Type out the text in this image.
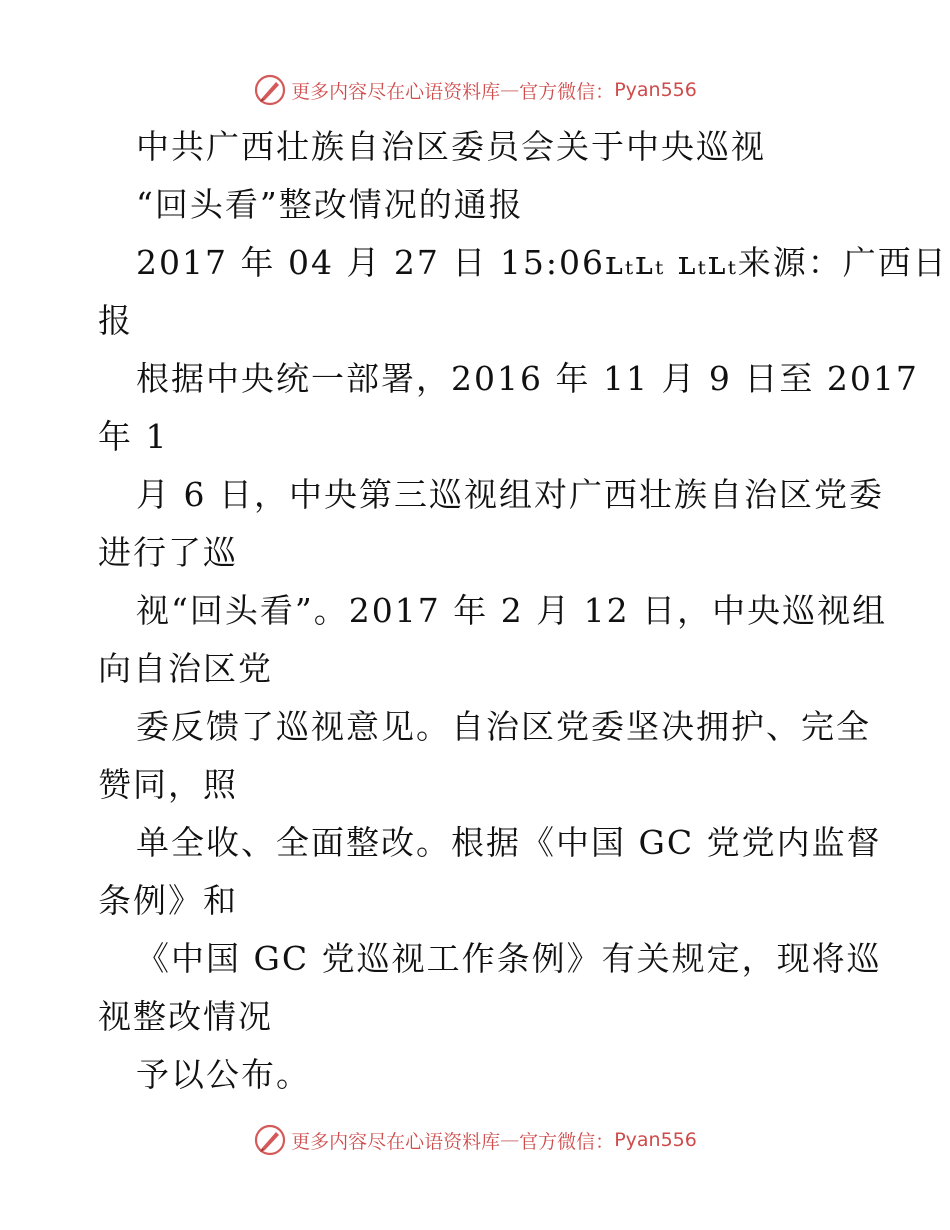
更多内容尽在心语资料库 — 官方微信： Pyan556
中共广西壮族自治区委员会关于中央巡视
“回头看”整改情况的通报
2017 年 04 月 27 日 15:06ʟₜʟₜ ʟₜʟₜ来源：广西日
报
根据中央统一部署，2016 年 11 月 9 日至 2017
年 1
月 6 日，中央第三巡视组对广西壮族自治区党委
进行了巡
视“回头看”。2017 年 2 月 12 日，中央巡视组
向自治区党
委反馈了巡视意见。自治区党委坚决拥护、完全
赞同，照
单全收、全面整改。根据《中国 GC 党党内监督
条例》和
《中国 GC 党巡视工作条例》有关规定，现将巡
视整改情况
予以公布。
更多内容尽在心语资料库 — 官方微信： Pyan556
